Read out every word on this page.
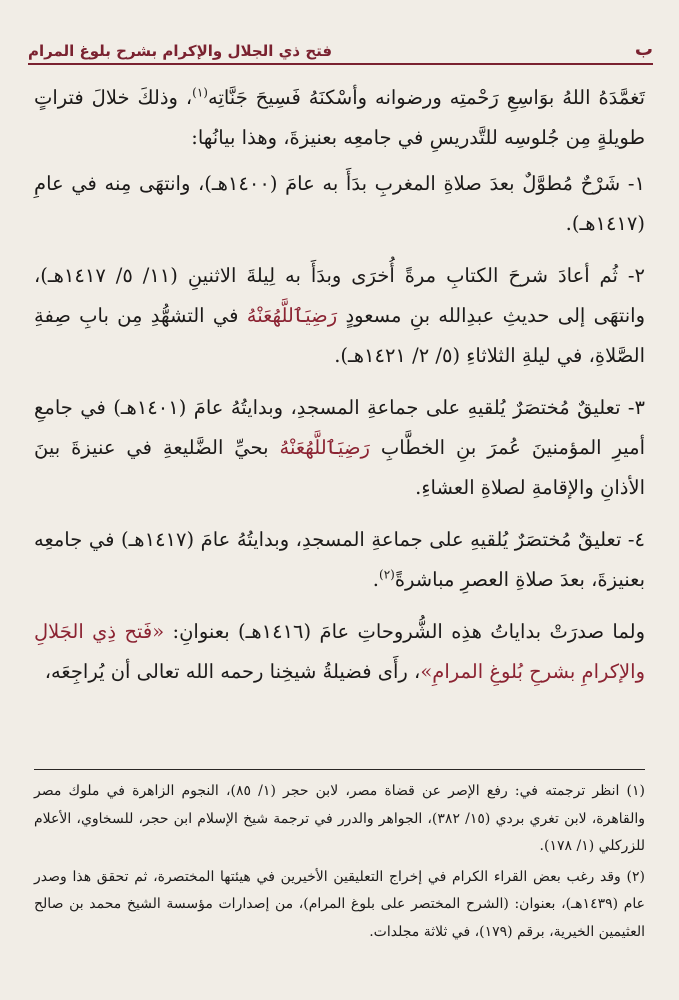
فتح ذي الجلال والإكرام بشرح بلوغ المرام	ب

تَغمَّدَهُ اللهُ بوَاسِعِ رَحْمتِه ورضوانه وأسْكنَهُ فَسِيحَ جَنَّاتِه$^{(١)}$، وذلكَ خلالَ فتراتٍ طويلةٍ مِن جُلوسِه للتَّدريسِ في جامعِه بعنيزةَ، وهذا بيانُها:

١- شَرْحٌ مُطوَّلٌ بعدَ صلاةِ المغربِ بدَأَ به عامَ (١٤٠٠هـ)، وانتهَى مِنه في عامِ (١٤١٧هـ).

٢- ثُم أعادَ شرحَ الكتابِ مرةً أُخرَى وبدَأَ به لِيلةَ الاثنينِ (١١/ ٥/ ١٤١٧هـ)، وانتهَى إلى حديثِ عبدِالله بنِ مسعودٍ رَضِيَٱللَّهُعَنْهُ في التشهُّدِ مِن بابِ صِفةِ الصَّلاةِ، في ليلةِ الثلاثاءِ (٥/ ٢/ ١٤٢١هـ).

٣- تعليقٌ مُختصَرٌ يُلقيهِ على جماعةِ المسجدِ، وبدايتُهُ عامَ (١٤٠١هـ) في جامعِ أميرِ المؤمنينَ عُمرَ بنِ الخطَّابِ رَضِيَٱللَّهُعَنْهُ بحيِّ الضَّليعةِ في عنيزةَ بينَ الأذانِ والإقامةِ لصلاةِ العشاءِ.

٤- تعليقٌ مُختصَرٌ يُلقيهِ على جماعةِ المسجدِ، وبدايتُهُ عامَ (١٤١٧هـ) في جامعِه بعنيزةَ، بعدَ صلاةِ العصرِ مباشرةً$^{(٢)}$.

ولما صدرَتْ بداياتُ هذِه الشُّروحاتِ عامَ (١٤١٦هـ) بعنوانِ: «فَتح ذِي الجَلالِ والإكرامِ بشرحِ بُلوغِ المرامِ»، رأَى فضيلةُ شيخِنا رحمه الله تعالى أن يُراجِعَه،

(١) انظر ترجمته في: رفع الإصر عن قضاة مصر، لابن حجر (١/ ٨٥)، النجوم الزاهرة في ملوك مصر والقاهرة، لابن تغري بردي (١٥/ ٣٨٢)، الجواهر والدرر في ترجمة شيخ الإسلام ابن حجر، للسخاوي، الأعلام للزركلي (١/ ١٧٨).

(٢) وقد رغب بعض القراء الكرام في إخراج التعليقين الأخيرين في هيئتها المختصرة، ثم تحقق هذا وصدر عام (١٤٣٩هـ)، بعنوان: (الشرح المختصر على بلوغ المرام)، من إصدارات مؤسسة الشيخ محمد بن صالح العثيمين الخيرية، برقم (١٧٩)، في ثلاثة مجلدات.
